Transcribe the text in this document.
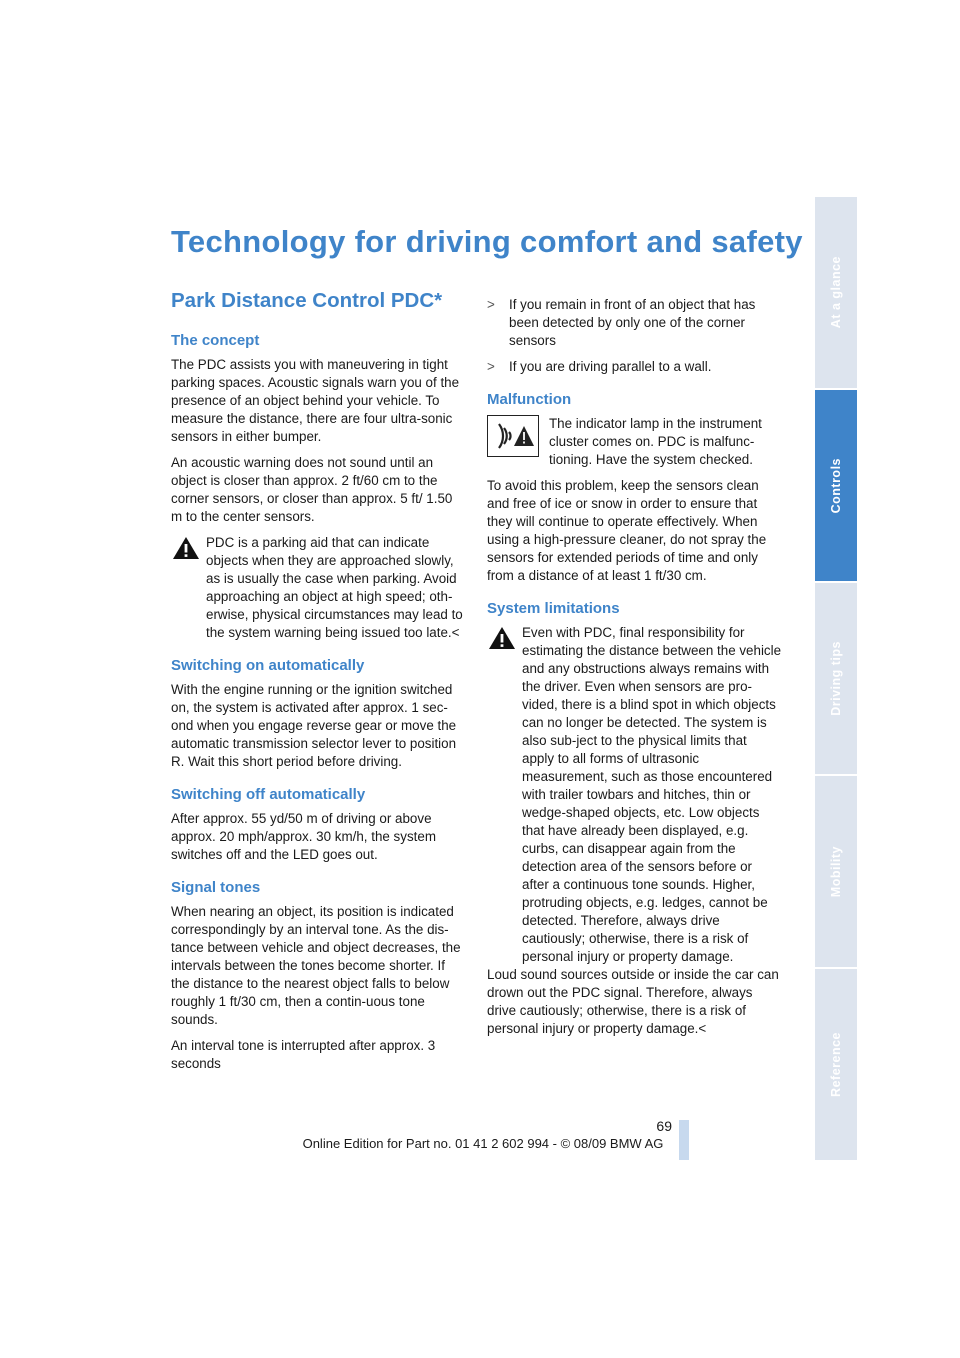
Technology for driving comfort and safety
Park Distance Control PDC*
The concept

The PDC assists you with maneuvering in tight parking spaces. Acoustic signals warn you of the presence of an object behind your vehicle. To measure the distance, there are four ultra-sonic sensors in either bumper.

An acoustic warning does not sound until an object is closer than approx. 2 ft/60 cm to the corner sensors, or closer than approx. 5 ft/ 1.50 m to the center sensors.

PDC is a parking aid that can indicate objects when they are approached slowly, as is usually the case when parking. Avoid approaching an object at high speed; oth-erwise, physical circumstances may lead to the system warning being issued too late.<
Switching on automatically

With the engine running or the ignition switched on, the system is activated after approx. 1 sec-ond when you engage reverse gear or move the automatic transmission selector lever to position R. Wait this short period before driving.

Switching off automatically

After approx. 55 yd/50 m of driving or above approx. 20 mph/approx. 30 km/h, the system switches off and the LED goes out.

Signal tones

When nearing an object, its position is indicated correspondingly by an interval tone. As the dis-tance between vehicle and object decreases, the intervals between the tones become shorter. If the distance to the nearest object falls to below roughly 1 ft/30 cm, then a contin-uous tone sounds.

An interval tone is interrupted after approx. 3 seconds

> If you remain in front of an object that has been detected by only one of the corner sensors
> If you are driving parallel to a wall.
Malfunction
The indicator lamp in the instrument cluster comes on. PDC is malfunc-tioning. Have the system checked.

To avoid this problem, keep the sensors clean and free of ice or snow in order to ensure that they will continue to operate effectively. When using a high-pressure cleaner, do not spray the sensors for extended periods of time and only from a distance of at least 1 ft/30 cm.

System limitations
Even with PDC, final responsibility for estimating the distance between the vehicle and any obstructions always remains with the driver. Even when sensors are pro-vided, there is a blind spot in which objects can no longer be detected. The system is also sub-ject to the physical limits that apply to all forms of ultrasonic measurement, such as those encountered with trailer towbars and hitches, thin or wedge-shaped objects, etc. Low objects that have already been displayed, e.g. curbs, can disappear again from the detection area of the sensors before or after a continuous tone sounds. Higher, protruding objects, e.g. ledges, cannot be detected. Therefore, always drive cautiously; otherwise, there is a risk of personal injury or property damage.

Loud sound sources outside or inside the car can drown out the PDC signal. Therefore, always drive cautiously; otherwise, there is a risk of personal injury or property damage.<

At a glance
Controls
Driving tips
Mobility
Reference
69
Online Edition for Part no. 01 41 2 602 994 - © 08/09 BMW AG
